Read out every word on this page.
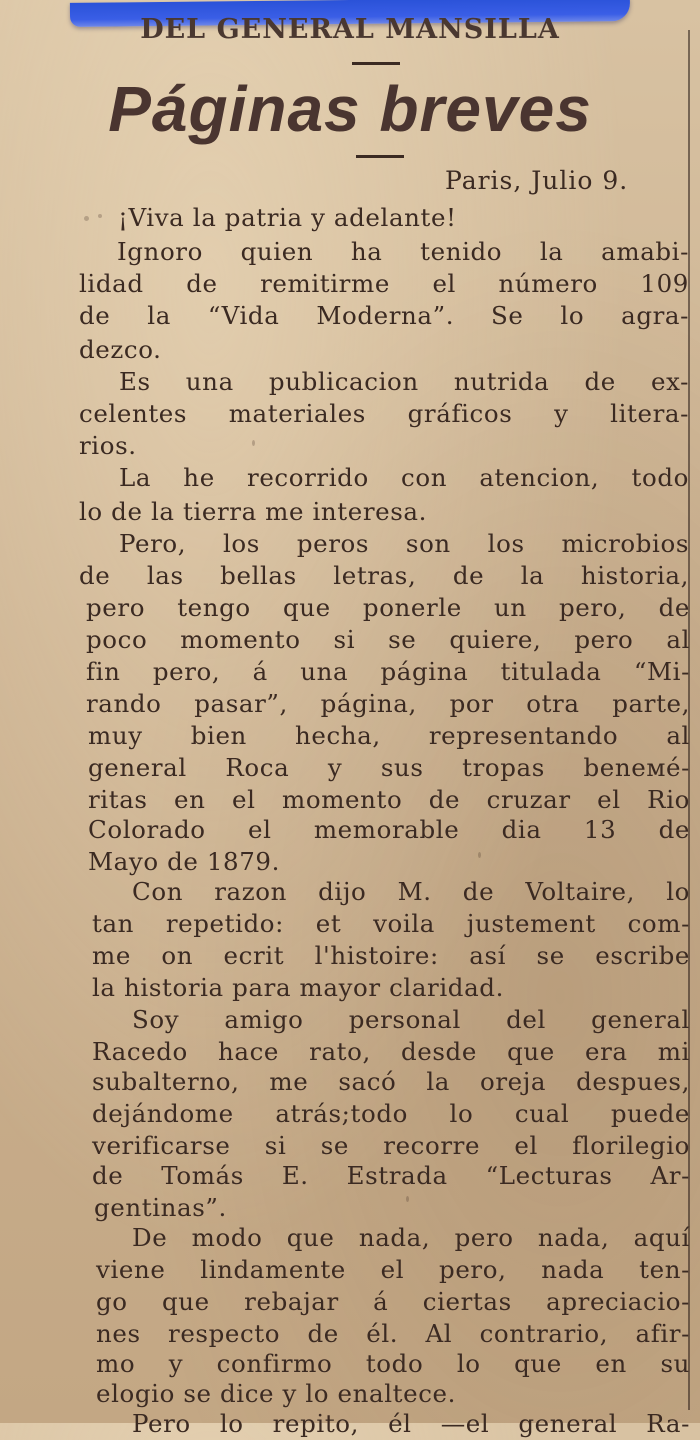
DEL GENERAL MANSILLA
Páginas breves
Paris, Julio 9.

¡Viva la patria y adelante!

Ignoro quien ha tenido la amabi-

lidad de remitirme el número 109

de la “Vida Moderna”. Se lo agra-

dezco.

Es una publicacion nutrida de ex-

celentes materiales gráficos y litera-

rios.

La he recorrido con atencion, todo

lo de la tierra me interesa.

Pero, los peros son los microbios

de las bellas letras, de la historia,

pero tengo que ponerle un pero, de

poco momento si se quiere, pero al

fin pero, á una página titulada “Mi-

rando pasar”, página, por otra parte,

muy bien hecha, representando al

general Roca y sus tropas beneмé-

ritas en el momento de cruzar el Rio

Colorado el memorable dia 13 de

Mayo de 1879.

Con razon dijo M. de Voltaire, lo

tan repetido: et voila justement com-

me on ecrit l'histoire: así se escribe

la historia para mayor claridad.

Soy amigo personal del general

Racedo hace rato, desde que era mi

subalterno, me sacó la oreja despues,

dejándome atrás;todo lo cual puede

verificarse si se recorre el florilegio

de Tomás E. Estrada “Lecturas Ar-

gentinas”.

De modo que nada, pero nada, aquí

viene lindamente el pero, nada ten-

go que rebajar á ciertas apreciacio-

nes respecto de él. Al contrario, afir-

mo y confirmo todo lo que en su

elogio se dice y lo enaltece.

Pero lo repito, él —el general Ra-
